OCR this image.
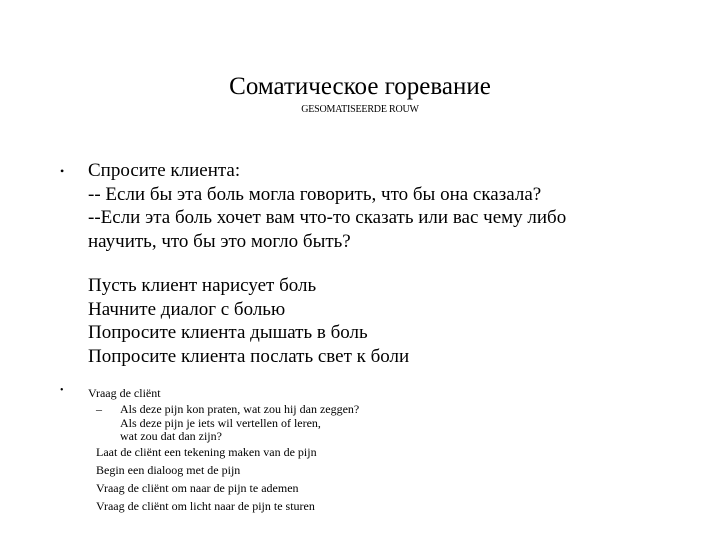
Соматическое горевание
GESOMATISEERDE ROUW
• Спросите клиента:
-- Если бы эта боль могла говорить, что бы она сказала?
--Если эта боль хочет вам что-то сказать или вас чему либо
научить, что бы это могло быть?
Пусть клиент нарисует боль
Начните диалог с болью
Попросите клиента дышать в боль
Попросите клиента послать свет к боли
• Vraag de cliënt
– Als deze pijn kon praten, wat zou hij dan zeggen?
Als deze pijn je iets wil vertellen of leren,
wat zou dat dan zijn?
Laat de cliënt een tekening maken van de pijn
Begin een dialoog met de pijn
Vraag de cliënt om naar de pijn te ademen
Vraag de cliënt om licht naar de pijn te sturen
